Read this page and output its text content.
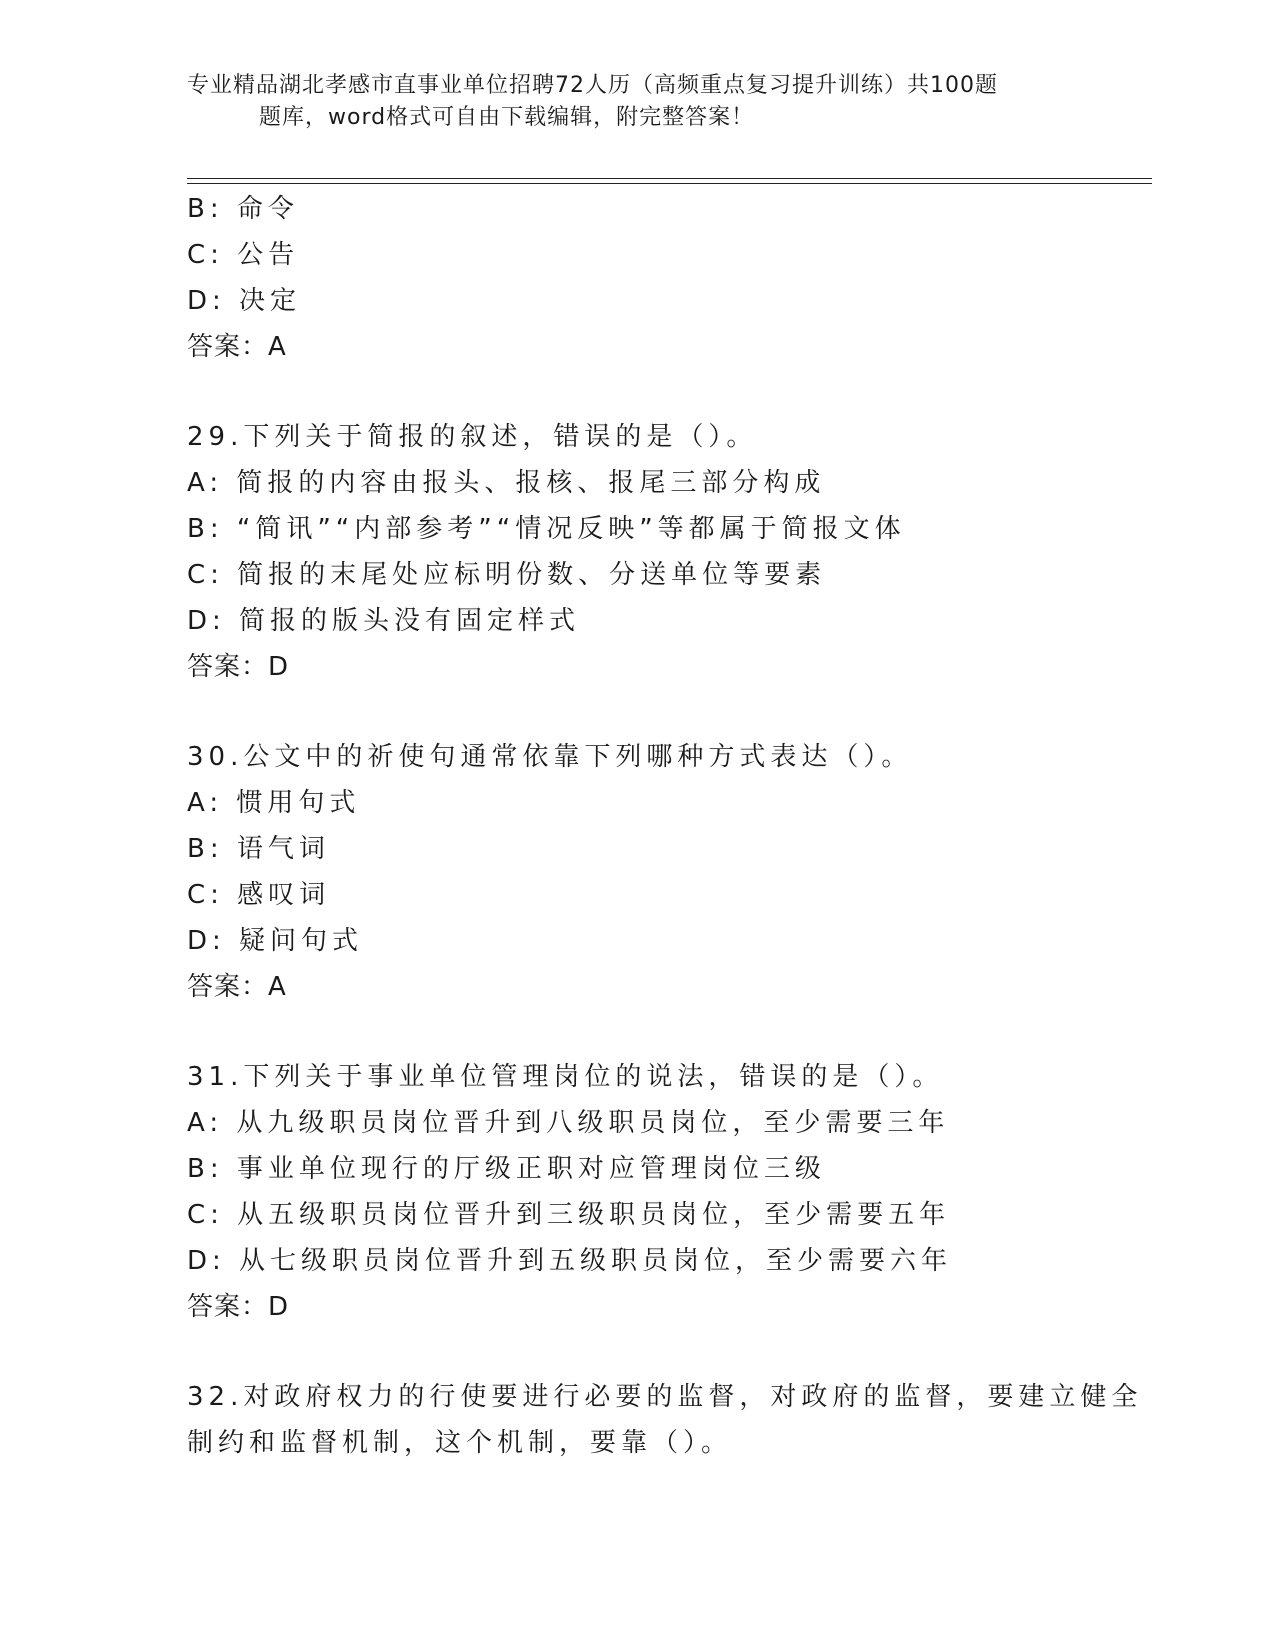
专业精品湖北孝感市直事业单位招聘72人历（高频重点复习提升训练）共100题
题库，word格式可自由下载编辑，附完整答案！
B: 命令
C: 公告
D: 决定
答案：A
29.下列关于简报的叙述，错误的是（）。
A: 简报的内容由报头、报核、报尾三部分构成
B: “简讯”“内部参考”“情况反映”等都属于简报文体
C: 简报的末尾处应标明份数、分送单位等要素
D: 简报的版头没有固定样式
答案：D
30.公文中的祈使句通常依靠下列哪种方式表达（）。
A: 惯用句式
B: 语气词
C: 感叹词
D: 疑问句式
答案：A
31.下列关于事业单位管理岗位的说法，错误的是（）。
A: 从九级职员岗位晋升到八级职员岗位，至少需要三年
B: 事业单位现行的厅级正职对应管理岗位三级
C: 从五级职员岗位晋升到三级职员岗位，至少需要五年
D: 从七级职员岗位晋升到五级职员岗位，至少需要六年
答案：D
32.对政府权力的行使要进行必要的监督，对政府的监督，要建立健全
制约和监督机制，这个机制，要靠（）。
